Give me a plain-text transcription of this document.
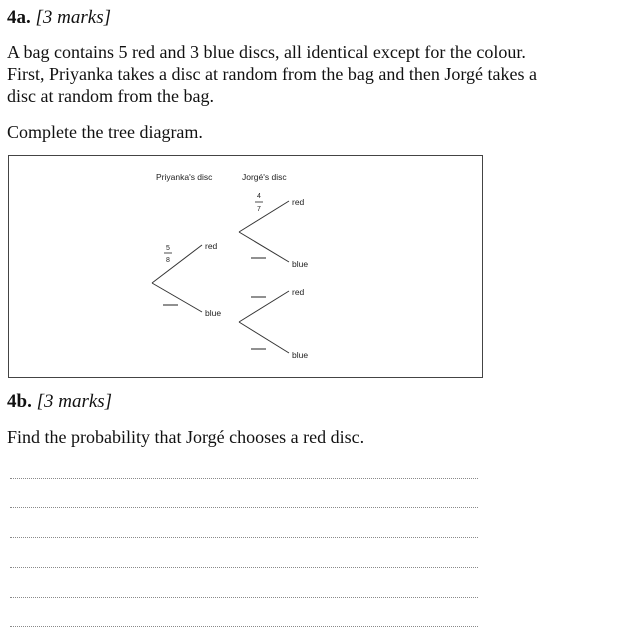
4a. [3 marks]
A bag contains 5 red and 3 blue discs, all identical except for the colour.
First, Priyanka takes a disc at random from the bag and then Jorgé takes a
disc at random from the bag.
Complete the tree diagram.
Priyanka's disc	Jorgé's disc
red
blue
5
8
red
blue
4
7
red
blue
4b. [3 marks]
Find the probability that Jorgé chooses a red disc.
